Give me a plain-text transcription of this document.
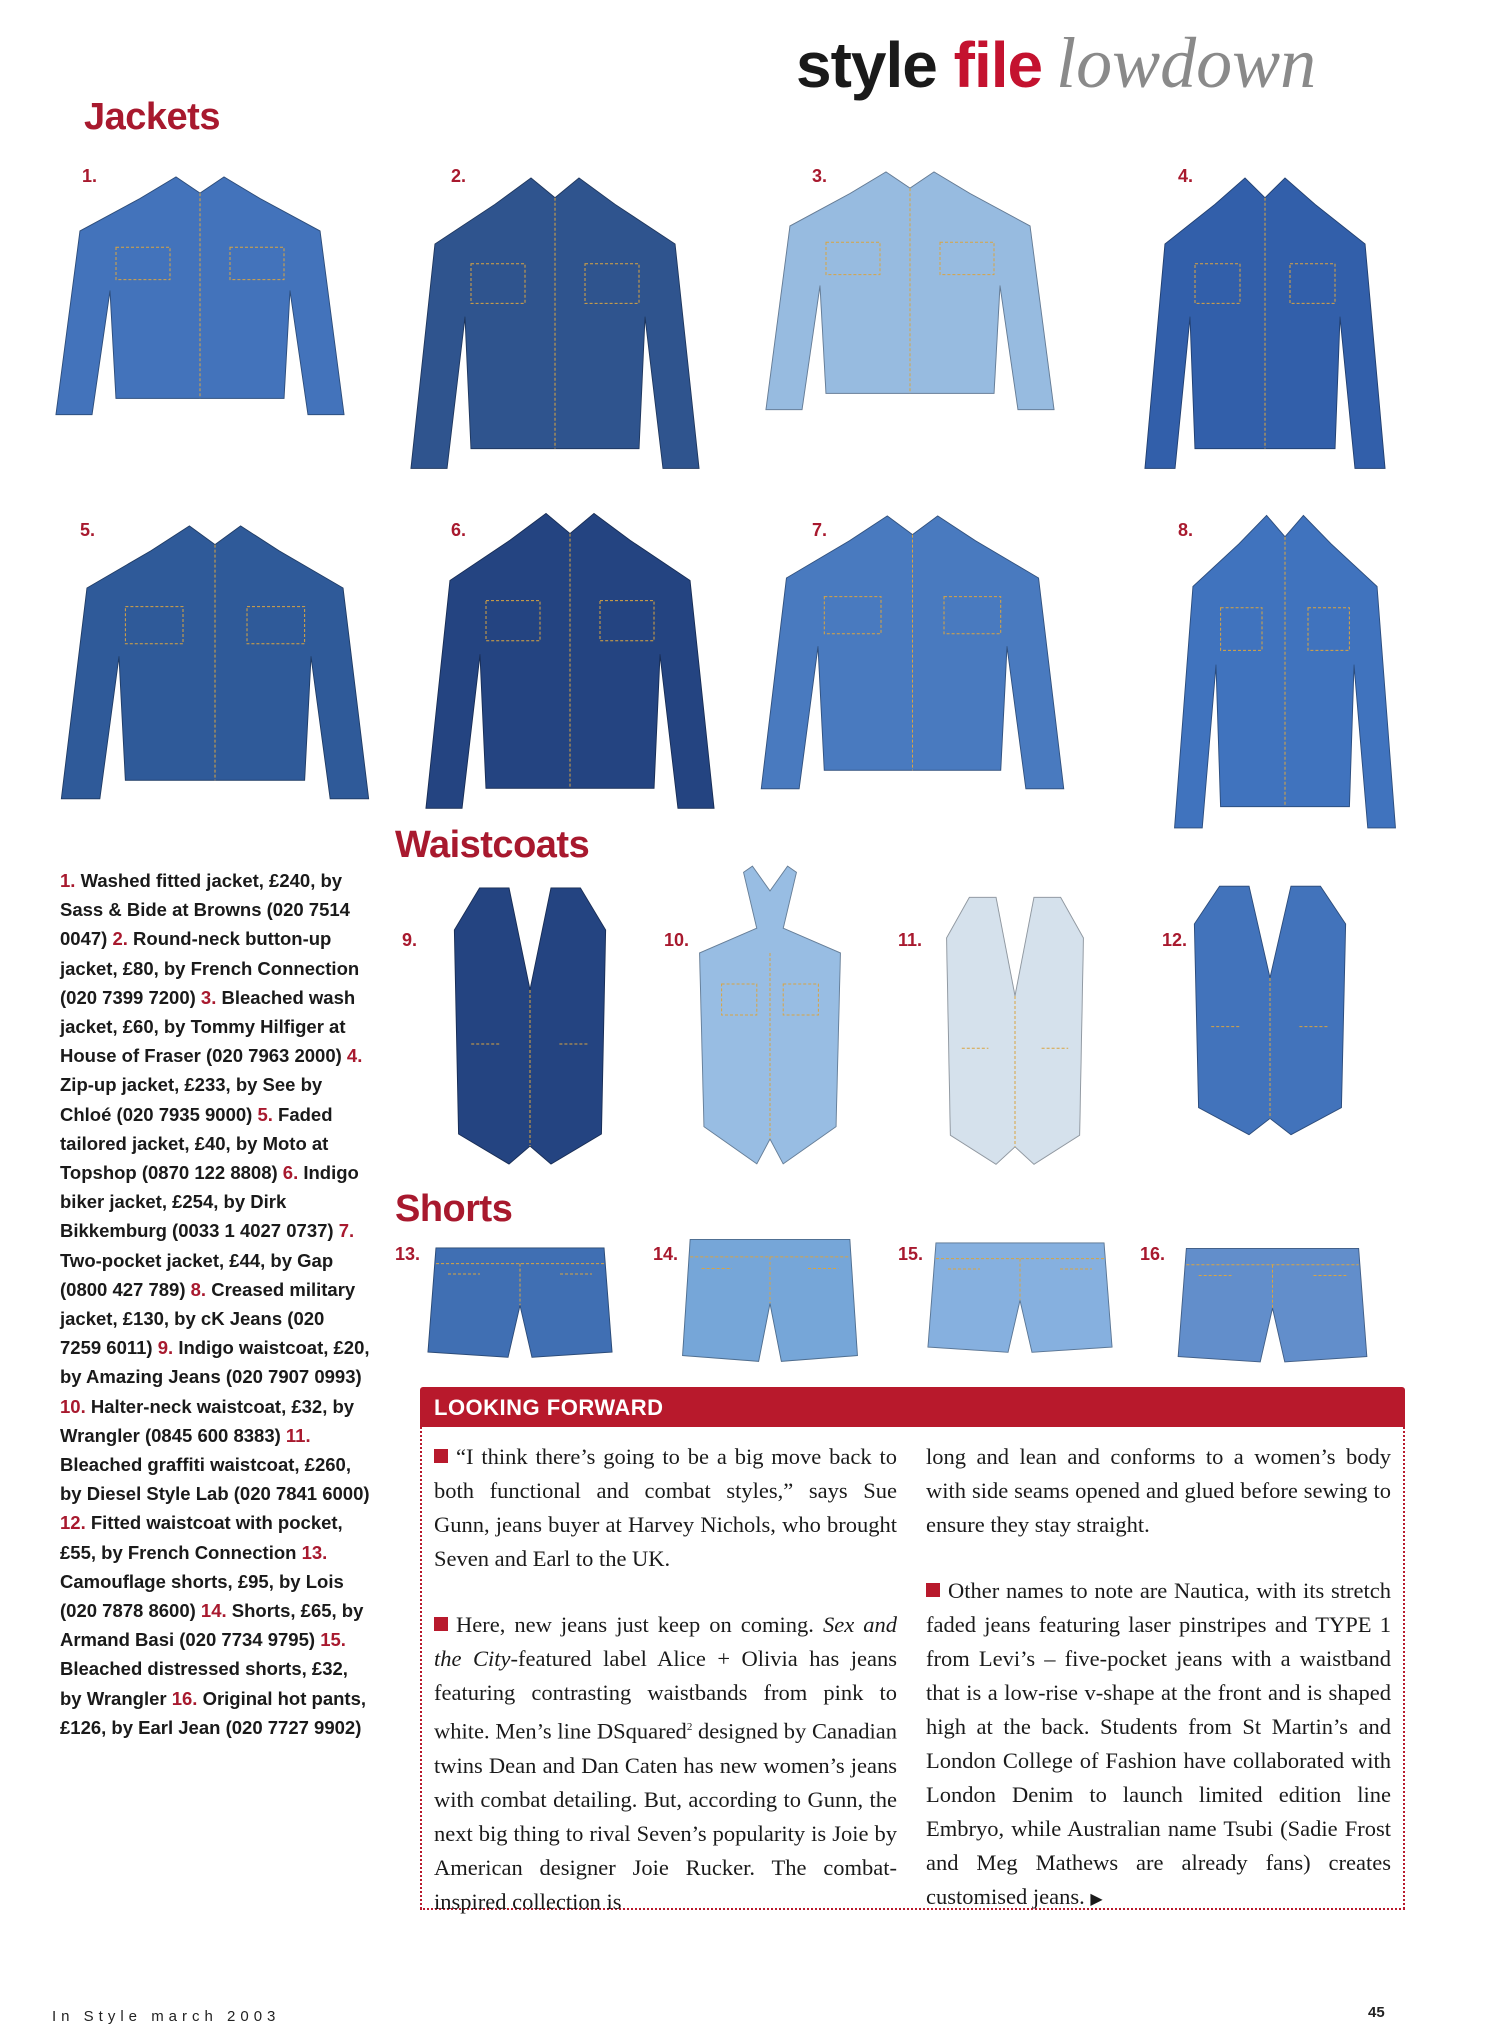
style file lowdown
Jackets
Waistcoats
Shorts
1.	2.	3.	4.
5.	6.	7.	8.
9.	10.	11.	12.
13.	14.	15.	16.
1. Washed fitted jacket, £240, by Sass & Bide at Browns (020 7514 0047) 2. Round-neck button-up jacket, £80, by French Connection (020 7399 7200) 3. Bleached wash jacket, £60, by Tommy Hilfiger at House of Fraser (020 7963 2000) 4. Zip-up jacket, £233, by See by Chloé (020 7935 9000) 5. Faded tailored jacket, £40, by Moto at Topshop (0870 122 8808) 6. Indigo biker jacket, £254, by Dirk Bikkemburg (0033 1 4027 0737) 7. Two-pocket jacket, £44, by Gap (0800 427 789) 8. Creased military jacket, £130, by cK Jeans (020 7259 6011) 9. Indigo waistcoat, £20, by Amazing Jeans (020 7907 0993) 10. Halter-neck waistcoat, £32, by Wrangler (0845 600 8383) 11. Bleached graffiti waistcoat, £260, by Diesel Style Lab (020 7841 6000) 12. Fitted waistcoat with pocket, £55, by French Connection 13. Camouflage shorts, £95, by Lois (020 7878 8600) 14. Shorts, £65, by Armand Basi (020 7734 9795) 15. Bleached distressed shorts, £32, by Wrangler 16. Original hot pants, £126, by Earl Jean (020 7727 9902)
LOOKING FORWARD

“I think there’s going to be a big move back to both functional and combat styles,” says Sue Gunn, jeans buyer at Harvey Nichols, who brought Seven and Earl to the UK.

Here, new jeans just keep on coming. Sex and the City-featured label Alice + Olivia has jeans featuring contrasting waistbands from pink to white. Men’s line DSquared$^2$ designed by Canadian twins Dean and Dan Caten has new women’s jeans with combat detailing. But, according to Gunn, the next big thing to rival Seven’s popularity is Joie by American designer Joie Rucker. The combat-inspired collection is

long and lean and conforms to a women’s body with side seams opened and glued before sewing to ensure they stay straight.

Other names to note are Nautica, with its stretch faded jeans featuring laser pinstripes and TYPE 1 from Levi’s – five-pocket jeans with a waistband that is a low-rise v-shape at the front and is shaped high at the back. Students from St Martin’s and London College of Fashion have collaborated with London Denim to launch limited edition line Embryo, while Australian name Tsubi (Sadie Frost and Meg Mathews are already fans) creates customised jeans. ▶

In Style march 2003	45
